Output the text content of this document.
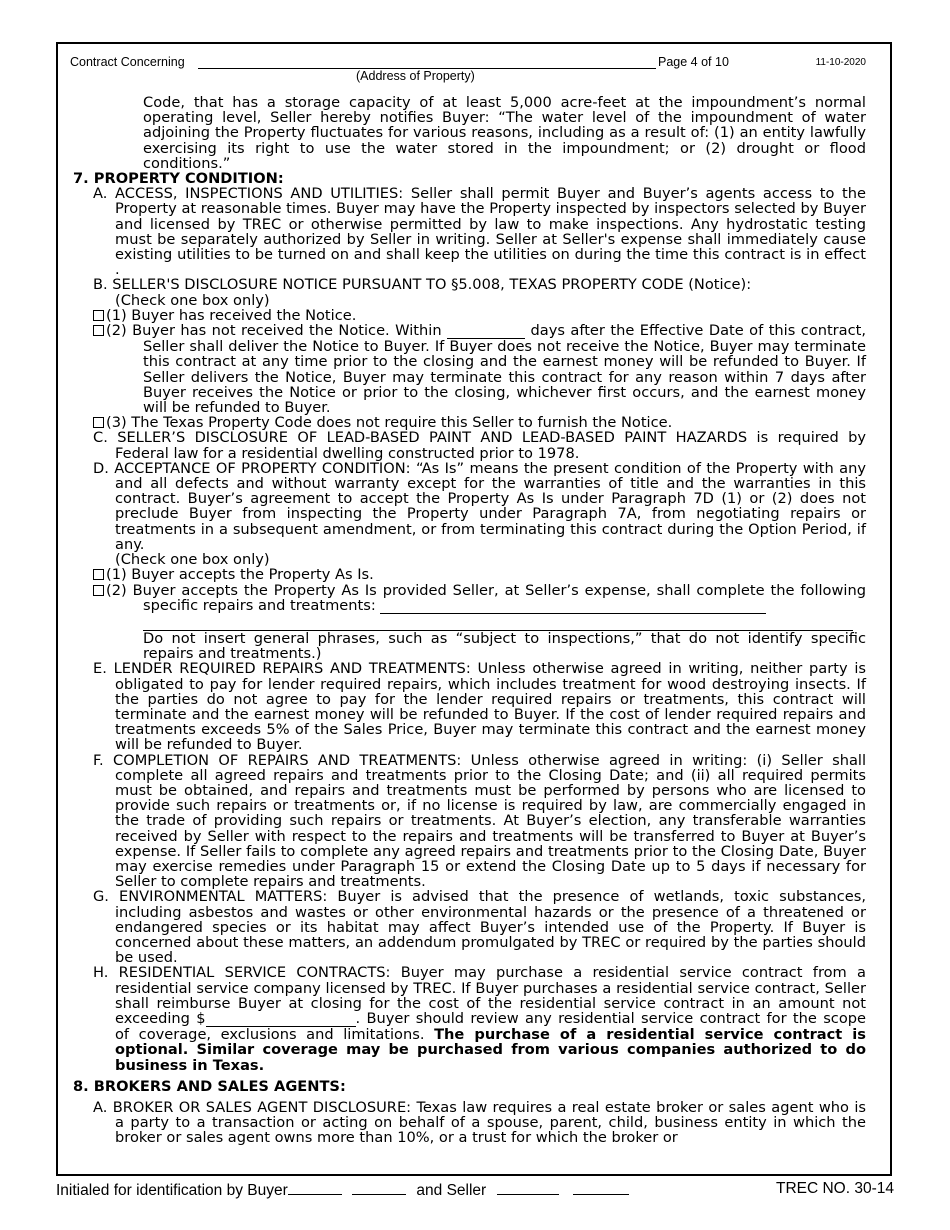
Contract Concerning	Page 4 of 10	11-10-2020
(Address of Property)
Code, that has a storage capacity of at least 5,000 acre-feet at the impoundment’s normal operating level, Seller hereby notifies Buyer: “The water level of the impoundment of water adjoining the Property fluctuates for various reasons, including as a result of: (1) an entity lawfully exercising its right to use the water stored in the impoundment; or (2) drought or flood conditions.”
7. PROPERTY CONDITION:
A. ACCESS, INSPECTIONS AND UTILITIES: Seller shall permit Buyer and Buyer’s agents access to the Property at reasonable times. Buyer may have the Property inspected by inspectors selected by Buyer and licensed by TREC or otherwise permitted by law to make inspections. Any hydrostatic testing must be separately authorized by Seller in writing. Seller at Seller's expense shall immediately cause existing utilities to be turned on and shall keep the utilities on during the time this contract is in effect .
B. SELLER'S DISCLOSURE NOTICE PURSUANT TO §5.008, TEXAS PROPERTY CODE (Notice):
(Check one box only)
(1) Buyer has received the Notice.
(2) Buyer has not received the Notice. Within	days after the Effective Date of this contract, Seller shall deliver the Notice to Buyer. If Buyer does not receive the Notice, Buyer may terminate this contract at any time prior to the closing and the earnest money will be refunded to Buyer. If Seller delivers the Notice, Buyer may terminate this contract for any reason within 7 days after Buyer receives the Notice or prior to the closing, whichever first occurs, and the earnest money will be refunded to Buyer.
(3) The Texas Property Code does not require this Seller to furnish the Notice.
C. SELLER’S DISCLOSURE OF LEAD-BASED PAINT AND LEAD-BASED PAINT HAZARDS is required by Federal law for a residential dwelling constructed prior to 1978.
D. ACCEPTANCE OF PROPERTY CONDITION: “As Is” means the present condition of the Property with any and all defects and without warranty except for the warranties of title and the warranties in this contract. Buyer’s agreement to accept the Property As Is under Paragraph 7D (1) or (2) does not preclude Buyer from inspecting the Property under Paragraph 7A, from negotiating repairs or treatments in a subsequent amendment, or from terminating this contract during the Option Period, if any.
(Check one box only)
(1) Buyer accepts the Property As Is.
(2) Buyer accepts the Property As Is provided Seller, at Seller’s expense, shall complete the following specific repairs and treatments:
Do not insert general phrases, such as “subject to inspections,” that do not identify specific repairs and treatments.)
E. LENDER REQUIRED REPAIRS AND TREATMENTS: Unless otherwise agreed in writing, neither party is obligated to pay for lender required repairs, which includes treatment for wood destroying insects. If the parties do not agree to pay for the lender required repairs or treatments, this contract will terminate and the earnest money will be refunded to Buyer. If the cost of lender required repairs and treatments exceeds 5% of the Sales Price, Buyer may terminate this contract and the earnest money will be refunded to Buyer.
F. COMPLETION OF REPAIRS AND TREATMENTS: Unless otherwise agreed in writing: (i) Seller shall complete all agreed repairs and treatments prior to the Closing Date; and (ii) all required permits must be obtained, and repairs and treatments must be performed by persons who are licensed to provide such repairs or treatments or, if no license is required by law, are commercially engaged in the trade of providing such repairs or treatments. At Buyer’s election, any transferable warranties received by Seller with respect to the repairs and treatments will be transferred to Buyer at Buyer’s expense. If Seller fails to complete any agreed repairs and treatments prior to the Closing Date, Buyer may exercise remedies under Paragraph 15 or extend the Closing Date up to 5 days if necessary for Seller to complete repairs and treatments.
G. ENVIRONMENTAL MATTERS: Buyer is advised that the presence of wetlands, toxic substances, including asbestos and wastes or other environmental hazards or the presence of a threatened or endangered species or its habitat may affect Buyer’s intended use of the Property. If Buyer is concerned about these matters, an addendum promulgated by TREC or required by the parties should be used.
H. RESIDENTIAL SERVICE CONTRACTS: Buyer may purchase a residential service contract from a residential service company licensed by TREC. If Buyer purchases a residential service contract, Seller shall reimburse Buyer at closing for the cost of the residential service contract in an amount not exceeding $	. Buyer should review any residential service contract for the scope of coverage, exclusions and limitations. The purchase of a residential service contract is optional. Similar coverage may be purchased from various companies authorized to do business in Texas.
8. BROKERS AND SALES AGENTS:
A. BROKER OR SALES AGENT DISCLOSURE: Texas law requires a real estate broker or sales agent who is a party to a transaction or acting on behalf of a spouse, parent, child, business entity in which the broker or sales agent owns more than 10%, or a trust for which the broker or
Initialed for identification by Buyer	and Seller	TREC NO. 30-14
